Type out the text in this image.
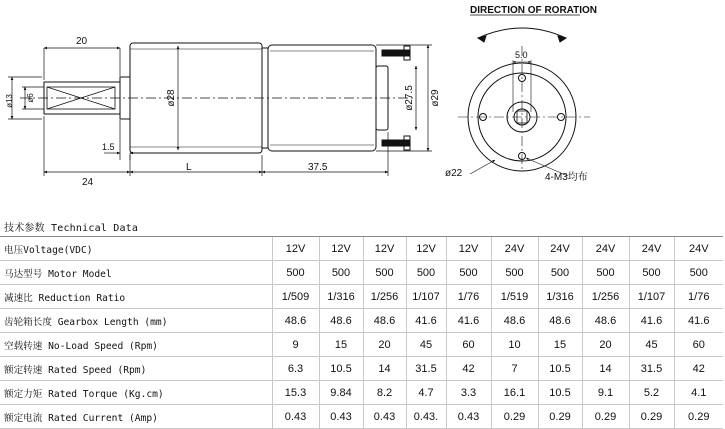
20
ø13 ø6	ø28	ø27.5 ø29
1.5
24
L	37.5
DIRECTION OF RORATION
5.0
ø22	4-M3均布
技术参数 Technical Data
电压Voltage(VDC)	12V	12V	12V	12V	12V	24V	24V	24V	24V	24V
马达型号 Motor Model	500	500	500	500	500	500	500	500	500	500
减速比 Reduction Ratio	1/509	1/316	1/256	1/107	1/76	1/519	1/316	1/256	1/107	1/76
齿轮箱长度 Gearbox Length (mm)	48.6	48.6	48.6	41.6	41.6	48.6	48.6	48.6	41.6	41.6
空载转速 No-Load Speed (Rpm)	9	15	20	45	60	10	15	20	45	60
额定转速 Rated Speed (Rpm)	6.3	10.5	14	31.5	42	7	10.5	14	31.5	42
额定力矩 Rated Torque (Kg.cm)	15.3	9.84	8.2	4.7	3.3	16.1	10.5	9.1	5.2	4.1
额定电流 Rated Current (Amp)	0.43	0.43	0.43	0.43.	0.43	0.29	0.29	0.29	0.29	0.29
